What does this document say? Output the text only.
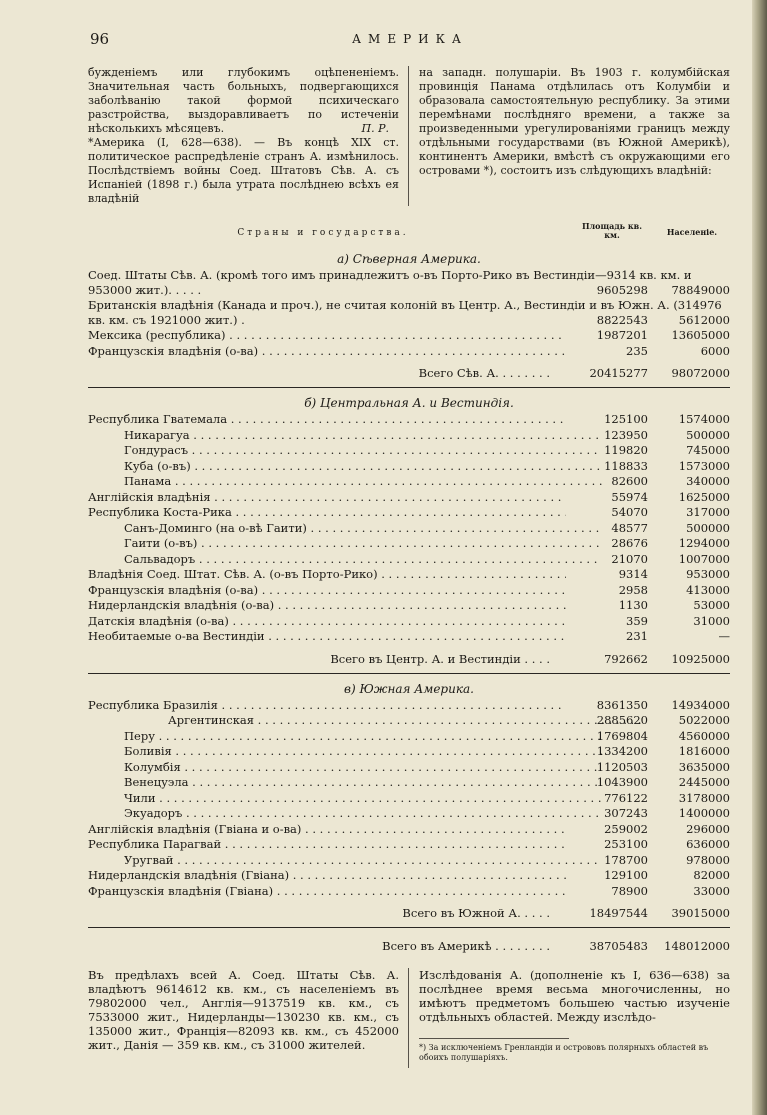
96	АМЕРИКА

бужденіемъ или глубокимъ оцѣпененіемъ. Значительная часть больныхъ, подвергающихся заболѣванію такой формой психическаго разстройства, выздоравливаетъ по истеченіи нѣсколькихъ мѣсяцевъ.	П. Р.

*Америка (I, 628—638). — Въ концѣ XIX ст. политическое распредѣленіе странъ А. измѣнилось. Послѣдствіемъ войны Соед. Штатовъ Сѣв. А. съ Испаніей (1898 г.) была утрата послѣднею всѣхъ ея владѣній

на западн. полушаріи. Въ 1903 г. колумбійская провинція Панама отдѣлилась отъ Колумбіи и образовала самостоятельную республику. За этими перемѣнами послѣдняго времени, а также за произведенными урегулированіями границъ между отдѣльными государствами (въ Южной Америкѣ), континентъ Америки, вмѣстѣ съ окружающими его островами *), состоитъ изъ слѣдующихъ владѣній:

Страны и государства.
Площадь кв. км.	Населеніе.
а) Сѣверная Америка.
Соед. Штаты Сѣв. А. (кромѣ того имъ принадлежитъ о-въ Порто-Рико въ Вестиндіи—9314 кв. км. и 953000 жит.). . . . .	9605298	78849000
Британскія владѣнія (Канада и проч.), не считая колоній въ Центр. А., Вестиндіи и въ Южн. А. (314976 кв. км. съ 1921000 жит.) .	8822543	5612000
Мексика (республика) . . .	1987201	13605000
Французскія владѣнія (о-ва) . . .	235	6000
Всего Сѣв. А. . . . . . . .	20415277	98072000
б) Центральная А. и Вестиндія.
Республика Гватемала . . .	125100	1574000
Никарагуа . . .	123950	500000
Гондурасъ . . .	119820	745000
Куба (о-въ) . . .	118833	1573000
Панама . . .	82600	340000
Англійскія владѣнія . . .	55974	1625000
Республика Коста-Рика . . .	54070	317000
Санъ-Доминго (на о-вѣ Гаити) . . .	48577	500000
Гаити (о-въ) . . .	28676	1294000
Сальвадоръ . . .	21070	1007000
Владѣнія Соед. Штат. Сѣв. А. (о-въ Порто-Рико) . . .	9314	953000
Французскія владѣнія (о-ва) . . .	2958	413000
Нидерландскія владѣнія (о-ва) . . .	1130	53000
Датскія владѣнія (о-ва) . . .	359	31000
Необитаемые о-ва Вестиндіи . . .	231	—
Всего въ Центр. А. и Вестиндіи . . . .	792662	10925000
в) Южная Америка.
Республика Бразилія . . .	8361350	14934000
Аргентинская . . .	2885620	5022000
Перу . . .	1769804	4560000
Боливія . . .	1334200	1816000
Колумбія . . .	1120503	3635000
Венецуэла . . .	1043900	2445000
Чили . . .	776122	3178000
Экуадоръ . . .	307243	1400000
Англійскія владѣнія (Гвіана и о-ва) . . .	259002	296000
Республика Парагвай . . .	253100	636000
Уругвай . . .	178700	978000
Нидерландскія владѣнія (Гвіана) . . .	129100	82000
Французскія владѣнія (Гвіана) . . .	78900	33000
Всего въ Южной А. . . . .	18497544	39015000
Всего въ Америкѣ . . . . . . . .	38705483	148012000

Въ предѣлахъ всей А. Соед. Штаты Сѣв. А. владѣютъ 9614612 кв. км., съ населеніемъ въ 79802000 чел., Англія—9137519 кв. км., съ 7533000 жит., Нидерланды—130230 кв. км., съ 135000 жит., Франція—82093 кв. км., съ 452000 жит., Данія — 359 кв. км., съ 31000 жителей.

Изслѣдованія А. (дополненіе къ I, 636—638) за послѣднее время весьма многочисленны, но имѣютъ предметомъ большею частью изученіе отдѣльныхъ областей. Между изслѣдо-

*) За исключеніемъ Гренландіи и острововъ полярныхъ областей въ обоихъ полушаріяхъ.
